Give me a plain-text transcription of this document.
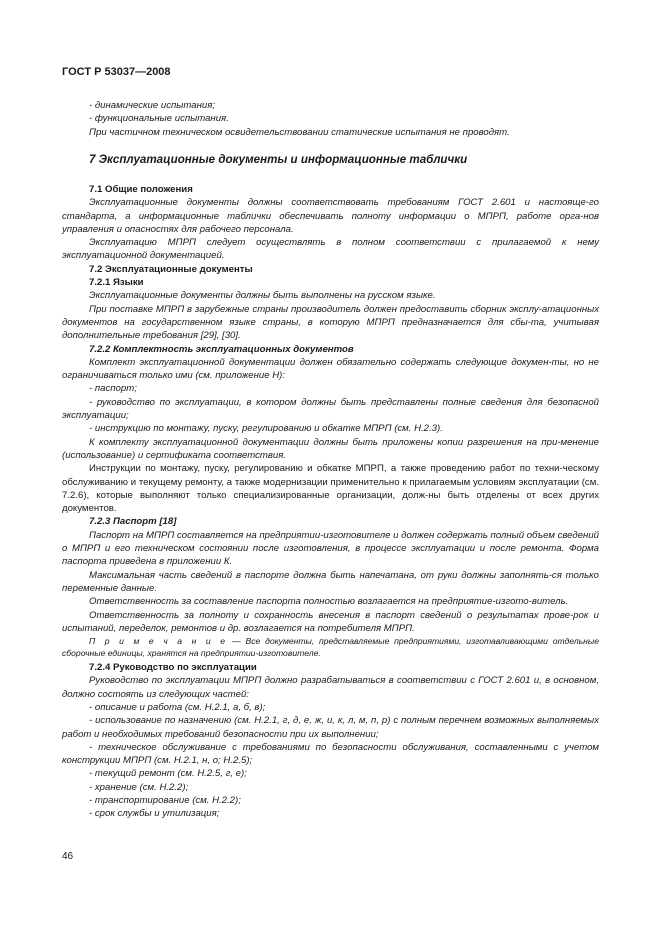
ГОСТ Р 53037—2008

- динамические испытания;

- функциональные испытания.

При частичном техническом освидетельствовании статические испытания не проводят.

7 Эксплуатационные документы и информационные таблички

7.1 Общие положения

Эксплуатационные документы должны соответствовать требованиям ГОСТ 2.601 и настояще-го стандарта, а информационные таблички обеспечивать полноту информации о МПРП, работе орга-нов управления и опасностях для рабочего персонала.

Эксплуатацию МПРП следует осуществлять в полном соответствии с прилагаемой к нему эксплуатационной документацией.

7.2 Эксплуатационные документы

7.2.1 Языки

Эксплуатационные документы должны быть выполнены на русском языке.

При поставке МПРП в зарубежные страны производитель должен предоставить сборник эксплу-атационных документов на государственном языке страны, в которую МПРП предназначается для сбы-та, учитывая дополнительные требования [29], [30].

7.2.2 Комплектность эксплуатационных документов

Комплект эксплуатационной документации должен обязательно содержать следующие докумен-ты, но не ограничиваться только ими (см. приложение Н):

- паспорт;

- руководство по эксплуатации, в котором должны быть представлены полные сведения для безопасной эксплуатации;

- инструкцию по монтажу, пуску, регулированию и обкатке МПРП (см. Н.2.3).

К комплекту эксплуатационной документации должны быть приложены копии разрешения на при-менение (использование) и сертификата соответствия.

Инструкции по монтажу, пуску, регулированию и обкатке МПРП, а также проведению работ по техни-ческому обслуживанию и текущему ремонту, а также модернизации применительно к прилагаемым условиям эксплуатации (см. 7.2.6), которые выполняют только специализированные организации, долж-ны быть отделены от всех других документов.

7.2.3 Паспорт [18]

Паспорт на МПРП составляется на предприятии-изготовителе и должен содержать полный объем сведений о МПРП и его техническом состоянии после изготовления, в процессе эксплуатации и после ремонта. Форма паспорта приведена в приложении К.

Максимальная часть сведений в паспорте должна быть напечатана, от руки должны заполнять-ся только переменные данные.

Ответственность за составление паспорта полностью возлагается на предприятие-изгото-витель.

Ответственность за полноту и сохранность внесения в паспорт сведений о результатах прове-рок и испытаний, переделок, ремонтов и др. возлагается на потребителя МПРП.

П р и м е ч а н и е — Все документы, представляемые предприятиями, изготавливающими отдельные сборочные единицы, хранятся на предприятии-изготовителе.

7.2.4 Руководство по эксплуатации

Руководство по эксплуатации МПРП должно разрабатываться в соответствии с ГОСТ 2.601 и, в основном, должно состоять из следующих частей:

- описание и работа (см. Н.2.1, а, б, в);

- использование по назначению (см. Н.2.1, г, д, е, ж, и, к, л, м, п, р) с полным перечнем возможных выполняемых работ и необходимых требований безопасности при их выполнении;

- техническое обслуживание с требованиями по безопасности обслуживания, составленными с учетом конструкции МПРП (см. Н.2.1, н, о; Н.2.5);

- текущий ремонт (см. Н.2.5, г, е);

- хранение (см. Н.2.2);

- транспортирование (см. Н.2.2);

- срок службы и утилизация;

46
